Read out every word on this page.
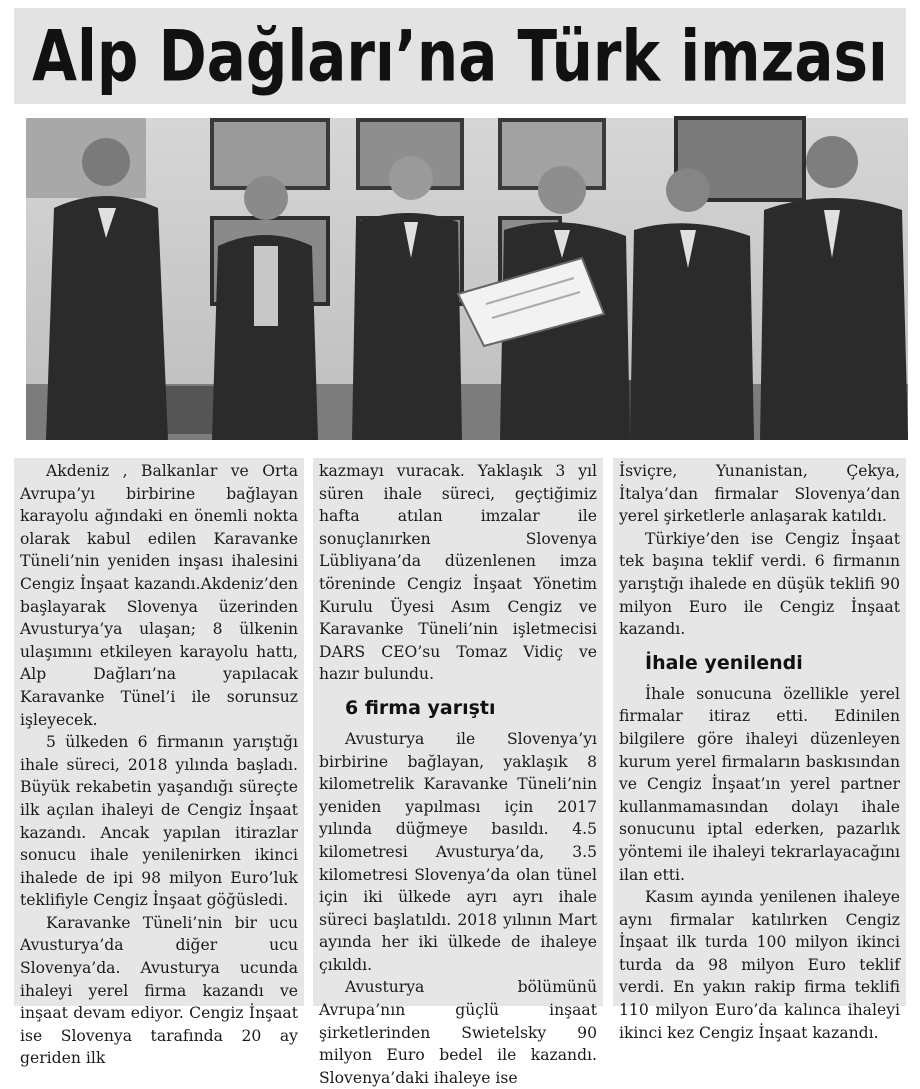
Alp Dağları’na Türk imzası

Akdeniz , Balkanlar ve Orta Avrupa’yı birbirine bağlayan karayolu ağındaki en önemli nokta olarak kabul edilen Karavanke Tüneli’nin yeniden inşası ihalesini Cengiz İnşaat kazandı.Akdeniz’den başlayarak Slovenya üzerinden Avusturya’ya ulaşan; 8 ülkenin ulaşımını etkileyen karayolu hattı, Alp Dağları’na yapılacak Karavanke Tünel’i ile sorunsuz işleyecek.

5 ülkeden 6 firmanın yarıştığı ihale süreci, 2018 yılında başladı. Büyük rekabetin yaşandığı süreçte ilk açılan ihaleyi de Cengiz İnşaat kazandı. Ancak yapılan itirazlar sonucu ihale yenilenirken ikinci ihalede de ipi 98 milyon Euro’luk teklifiyle Cengiz İnşaat göğüsledi.

Karavanke Tüneli’nin bir ucu Avusturya’da diğer ucu Slovenya’da. Avusturya ucunda ihaleyi yerel firma kazandı ve inşaat devam ediyor. Cengiz İnşaat ise Slovenya tarafında 20 ay geriden ilk

kazmayı vuracak. Yaklaşık 3 yıl süren ihale süreci, geçtiğimiz hafta atılan imzalar ile sonuçlanırken Slovenya Lübliyana’da düzenlenen imza töreninde Cengiz İnşaat Yönetim Kurulu Üyesi Asım Cengiz ve Karavanke Tüneli’nin işletmecisi DARS CEO’su Tomaz Vidiç ve hazır bulundu.

6 firma yarıştı

Avusturya ile Slovenya’yı birbirine bağlayan, yaklaşık 8 kilometrelik Karavanke Tüneli’nin yeniden yapılması için 2017 yılında düğmeye basıldı. 4.5 kilometresi Avusturya’da, 3.5 kilometresi Slovenya’da olan tünel için iki ülkede ayrı ayrı ihale süreci başlatıldı. 2018 yılının Mart ayında her iki ülkede de ihaleye çıkıldı.

Avusturya bölümünü Avrupa’nın güçlü inşaat şirketlerinden Swietelsky 90 milyon Euro bedel ile kazandı. Slovenya’daki ihaleye ise

İsviçre, Yunanistan, Çekya, İtalya’dan firmalar Slovenya’dan yerel şirketlerle anlaşarak katıldı.

Türkiye’den ise Cengiz İnşaat tek başına teklif verdi. 6 firmanın yarıştığı ihalede en düşük teklifi 90 milyon Euro ile Cengiz İnşaat kazandı.

İhale yenilendi

İhale sonucuna özellikle yerel firmalar itiraz etti. Edinilen bilgilere göre ihaleyi düzenleyen kurum yerel firmaların baskısından ve Cengiz İnşaat’ın yerel partner kullanmamasından dolayı ihale sonucunu iptal ederken, pazarlık yöntemi ile ihaleyi tekrarlayacağını ilan etti.

Kasım ayında yenilenen ihaleye aynı firmalar katılırken Cengiz İnşaat ilk turda 100 milyon ikinci turda da 98 milyon Euro teklif verdi. En yakın rakip firma teklifi 110 milyon Euro’da kalınca ihaleyi ikinci kez Cengiz İnşaat kazandı.
